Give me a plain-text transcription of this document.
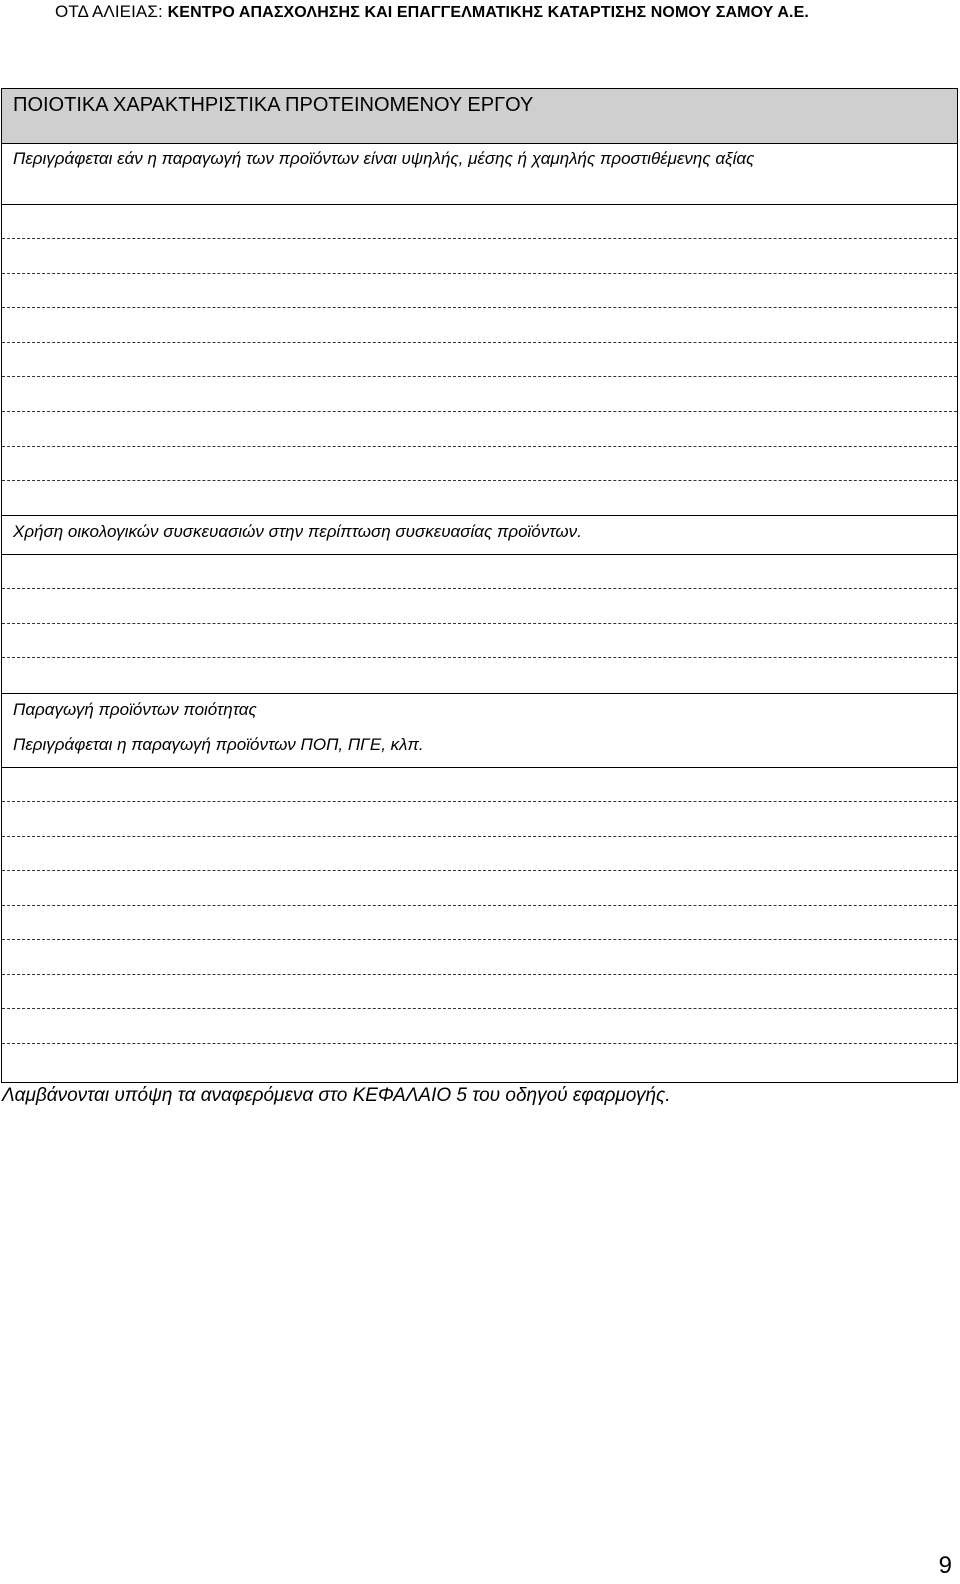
ΟΤΔ ΑΛΙΕΙΑΣ: ΚΕΝΤΡΟ ΑΠΑΣΧΟΛΗΣΗΣ ΚΑΙ ΕΠΑΓΓΕΛΜΑΤΙΚΗΣ ΚΑΤΑΡΤΙΣΗΣ ΝΟΜΟΥ ΣΑΜΟΥ Α.Ε.
ΠΟΙΟΤΙΚΑ ΧΑΡΑΚΤΗΡΙΣΤΙΚΑ ΠΡΟΤΕΙΝΟΜΕΝΟΥ ΕΡΓΟΥ
Περιγράφεται εάν η παραγωγή των προϊόντων είναι υψηλής, μέσης ή χαμηλής προστιθέμενης αξίας
Χρήση οικολογικών συσκευασιών στην περίπτωση συσκευασίας προϊόντων.
Παραγωγή προϊόντων ποιότητας
Περιγράφεται η παραγωγή προϊόντων ΠΟΠ, ΠΓΕ, κλπ.
Λαμβάνονται υπόψη τα αναφερόμενα στο ΚΕΦΑΛΑΙΟ 5 του οδηγού εφαρμογής.
9
